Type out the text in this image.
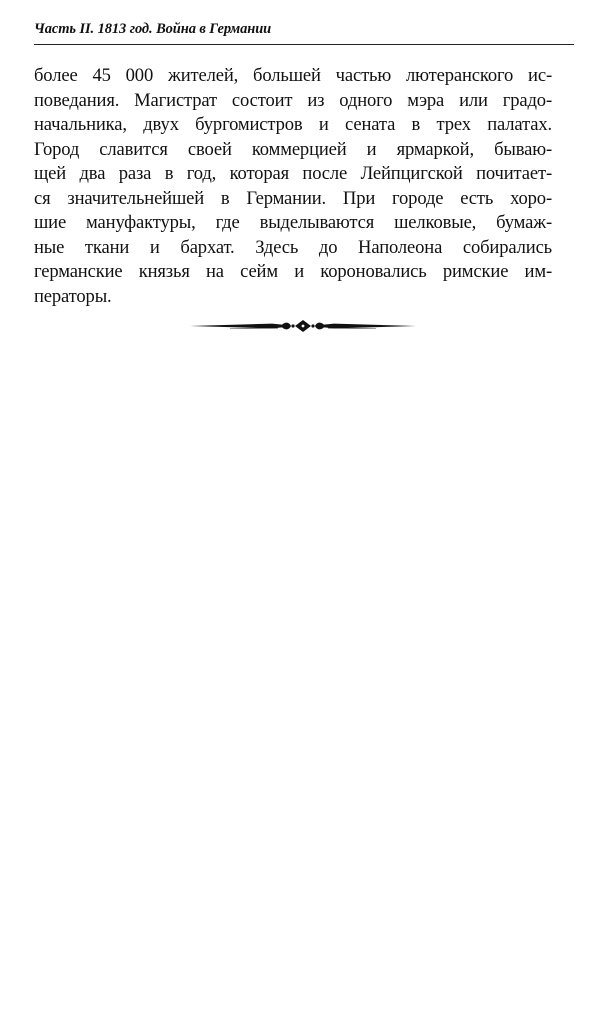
Часть II. 1813 год. Война в Германии
более 45 000 жителей, большей частью лютеранского ис-
поведания. Магистрат состоит из одного мэра или градо-
начальника, двух бургомистров и сената в трех палатах.
Город славится своей коммерцией и ярмаркой, бываю-
щей два раза в год, которая после Лейпцигской почитает-
ся значительнейшей в Германии. При городе есть хоро-
шие мануфактуры, где выделываются шелковые, бумаж-
ные ткани и бархат. Здесь до Наполеона собирались
германские князья на сейм и короновались римские им-
ператоры.
